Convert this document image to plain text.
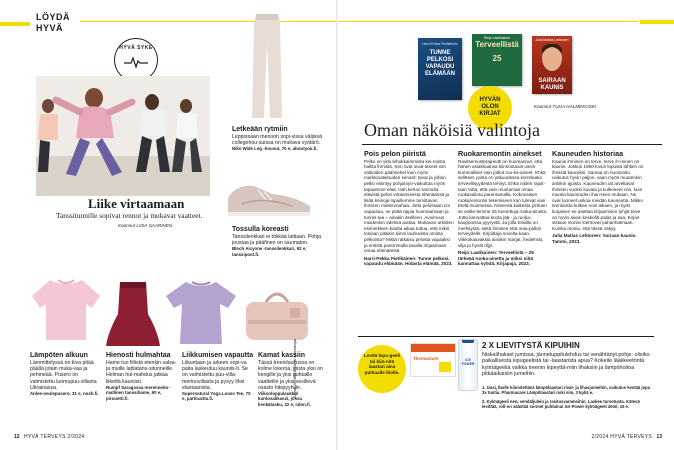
LÖYDÄ
HYVÄ
HYVÄ SYKE
Liike virtaamaan
Tanssitunnille sopivat rennot ja mukavat vaatteet.
Koonnut LIISA SAARINEN
Letkeään rytmiin
Leppoisaan menoon sopi-vissa väljissä collegehou-suissa on mukava vyötärö.
Nike Wide Leg -housut, 70 e, aboutyou.fi.
Tossulla koreasti
Tanssilenkkari ei tökkää lattiaan. Pohja joustaa ja pääfinen on saumaton.
Bloch Aicyone -tanssilenkkari, 92 e, tanssipoot.fi.
Lämpöten alkuun
Lämmittelyssä on kiva pitää päällä jotain muka-vaa ja pehmeää. Pusero on valmistettu luomupuu-villasta Ukrainassa.
Anlee-neulepusero, 31 e, nosh.fi.
Hienosti hulmahtaa
Hame tuo fiilistä etenkin salsa- ja muille lattiatans-situnneille. Helman hul-mahdus jatkaa liikettä kauniisti.
Rumpf Saragossa merenneito-mallinen tanssihame, 90 e, pirouetti.fi.
Liikkumisen vapautta
Liikuntaan ja arkeen sopi-va paita laskeutuu kauniis-ti. Se on valmistettu puu-villa-merinovillasta ja pysyy lõisi elastaanista.
Supernatural Yoga Loose Tee, 70 e, partioaitta.fi.
Kamat kassiin
Tässä treenilaukussa on kolme lokeroa, joista yksi on kengille ja yksi puhtaille vaatteille ja yksi vesilievä osasto hikipyyhille.
Viikonloppulaukku/ kuntosalikassi, jossa kenkätasku, 22 e, cdon.fi.
Kuvat: Shutterstock ja valmistajat
12 HYVÄ TERVEYS 2/2024
TUNNE PELKOSI VAPAUDU ELÄMÄÄN
Harri-Pekka Pietikäinen Terveellistä 25
Reijo Laatikainen
SAIRAAN KAUNIS
Julia Matias Lehtonen
HYVÄN OLON KIRJAT
Koonnut TUIJA HALMEKOSKI
Oman näköisiä valintoja
Pois pelon piiristä
Pelko on yksi tehokkaimmista kei-noista hallita ihmistä. Sen ovat oival-taneet niin valtioiden päämiehet kuin myös markkinatalouden senarit; tavat ja jolloin pelko esiintyy pohjamyö-vaikuttaa myös tapaamme elää. Hän kertoo tarinoita elävistä pelon virtaamisesta elämäänsä ja lisää keinoja lopuillemme tarvittavan ihmisen mielenrauhaa. Jotta pelostaan voi vapautua, ne pitää oppia huomaamaan ja tunnis-taa – ainakin itselleen. Avoimuus muidenkin edessä auttaa. Mukavan arkisten esimerkkien kautta aikaa tuttua, että miksi tosiaan pitäisin kiinni lauhuvista omista pelkoista? Mistä ratkaisu pelosta vapaaksi ja entistä paremmalla tavalla ohjaamaan omaa elämäänsä.
Harri-Pekka Pietikäinen: Tunne pelkosi, vapaudu elämään. Hidasta elämää, 2023.
Ruokaremontin ainekset
Ravitsemusterapeutti on huomannut, että hänen asiakkaansa kiinnostavat usein kummalliset vain jotkut ruo-ka-aineet. Ehkä selitteet, joista on jotkuudessa korrelaatio terveellisyydestä tehnyt. Ehkä niiden rajoit-taan totta, että vain muutamaa omaa ruokavaliota parantamalla. Kokonaisen ruokaremontin tekemiseen kun tulevat vain Etelä-Suomessa. Nimensä kaikesta johtuen se esitte-lemme 25 tunnettuja ruoka-aineita. Jotta kannattaa koota jää - ja ruoka-kauppoissa pyyrystä. Ja jolla toisiilla on merkitystä, sekä ihmisen että maa-pallon terveydelle. Kirjoittaja sovelta-kaan. Viikkokaavaksia ainakin marjat, hedelmät, vilja ja hyvät öljyt.
Reijo Laatikainen: Terveellistä – 25 tärkeää ruoka-ainetta ja miksi niitä kannattaa syödä. Kirjapaja, 2023.
Kauneuden historiaa
Kaunis ihminen on terve, terve ih-minen on kaunis. Joskus 1950-luvun lopusta lähtien on ihmisiä kauniiksi. Samaa on huomioitu vaikutus hyvin paljon, vaan myös muutenkin antiikin ajoista. Kauneuden iät arveltavat ihmisen vuoksi kuvata ja kulkeneet niin, kuin muotia kauneuden ihan-teen mukaan. Ne ovat luoneet uskoa meidän kauneutta. Mikko tsentioista kulkee noin alkaen, ja myös kurjaisen se asettaa kirjaamisen tyhjiä toive on hyvin aivan keskellä palas ja saa. Kirjan viittaus moniin kiehtovat pahanhalmaan. Kuinka monia, että tässä näkyy.
Julia Matias Lehtonen: Sairaan kaunis. Tammi, 2023.
Levitä kipu-geeli tai kiin-nitä laastari aina puhtaalle iholle.
ThermaCare	ICE POWER
2 X LIEVITYSTÄ KIPUIHIN
Niskalihakset jumissa, jännetuppitulehdus tai venähtänyt pohje: olisiko paikallisesta kipugeelistä tai -laastarista apua? Kokeile lääkkeetöntä kylmägeeliä vaikka treenin kipeyttä-miin lihaksiin ja lämpöhoitoa pitkäaikaisiin jumeihin.
1. Uusi, Ibolle kiinnitettävä lämpölaastari rivat- ja lihasjumeihin, vaikutus kestää jopa 3x tuntia. Pharmacare Lämpölaastari riski sim, 3 kpl/4 e.
2. Kylmägeeli nen, vendäljulein ja rasitusvammoihin. Laskee turvotusta. Kätevä levittää, roll-on säästää sormet puhtaina! Ice Power kylmägeeli 40ml, 15 e.
2/2024 HYVÄ TERVEYS 13
